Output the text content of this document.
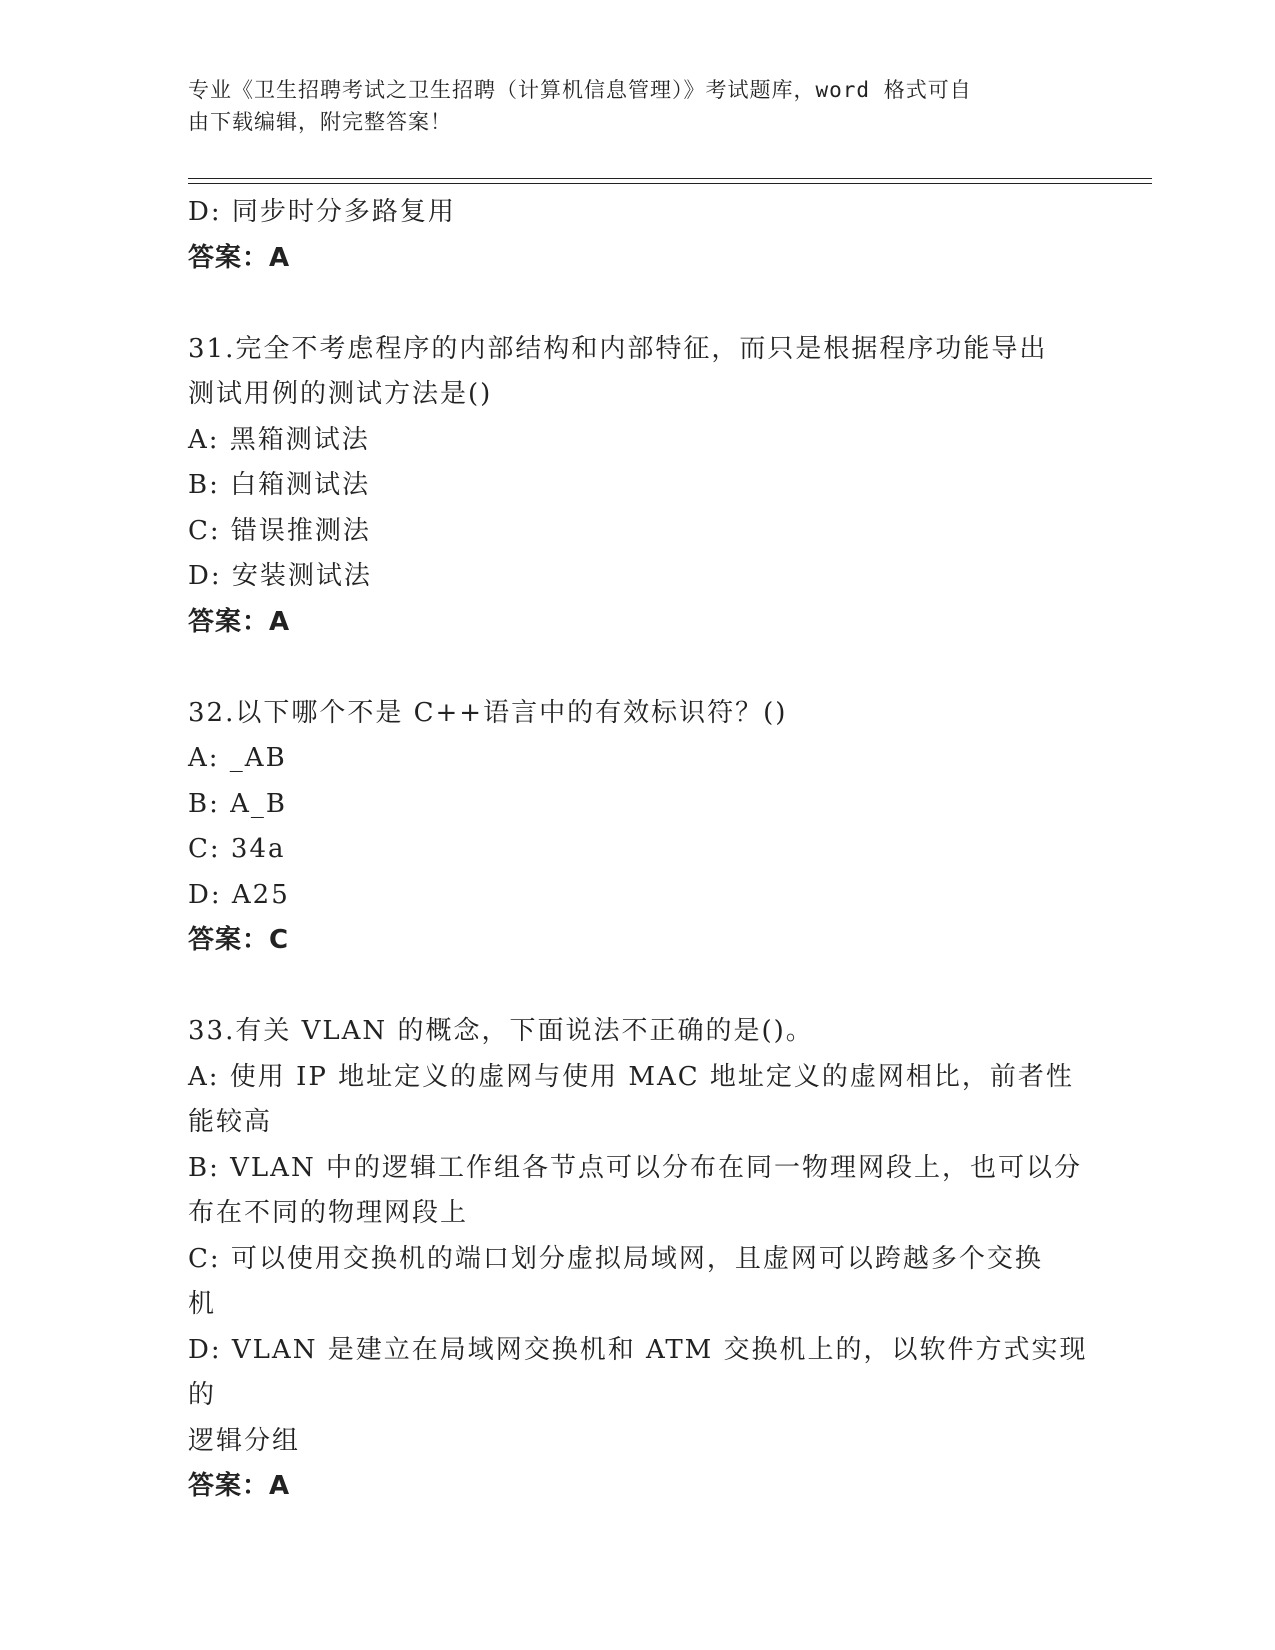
专业《卫生招聘考试之卫生招聘（计算机信息管理）》考试题库，word 格式可自
由下载编辑，附完整答案！
D: 同步时分多路复用
答案：A
31.完全不考虑程序的内部结构和内部特征，而只是根据程序功能导出
测试用例的测试方法是()
A: 黑箱测试法
B: 白箱测试法
C: 错误推测法
D: 安装测试法
答案：A
32.以下哪个不是 C++语言中的有效标识符？()
A: _AB
B: A_B
C: 34a
D: A25
答案：C
33.有关 VLAN 的概念，下面说法不正确的是()。
A: 使用 IP 地址定义的虚网与使用 MAC 地址定义的虚网相比，前者性
能较高
B: VLAN 中的逻辑工作组各节点可以分布在同一物理网段上，也可以分
布在不同的物理网段上
C: 可以使用交换机的端口划分虚拟局域网，且虚网可以跨越多个交换
机
D: VLAN 是建立在局域网交换机和 ATM 交换机上的，以软件方式实现的
逻辑分组
答案：A
